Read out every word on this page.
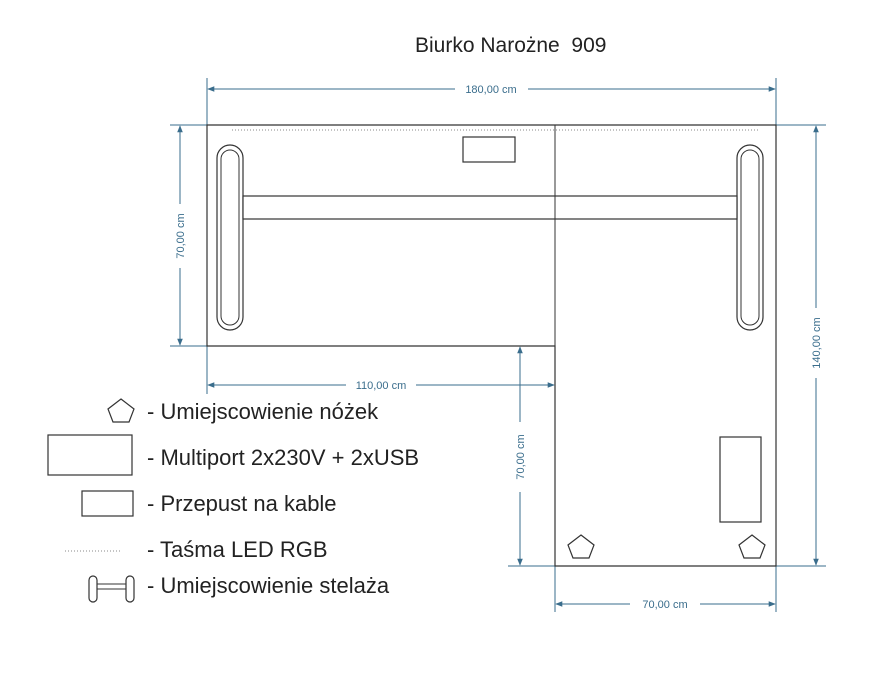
Biurko Narożne  909
180,00 cm
70,00 cm
140,00 cm
110,00 cm
70,00 cm
70,00 cm
- Umiejscowienie nóżek
- Multiport 2x230V + 2xUSB
- Przepust na kable
- Taśma LED RGB
- Umiejscowienie stelaża
